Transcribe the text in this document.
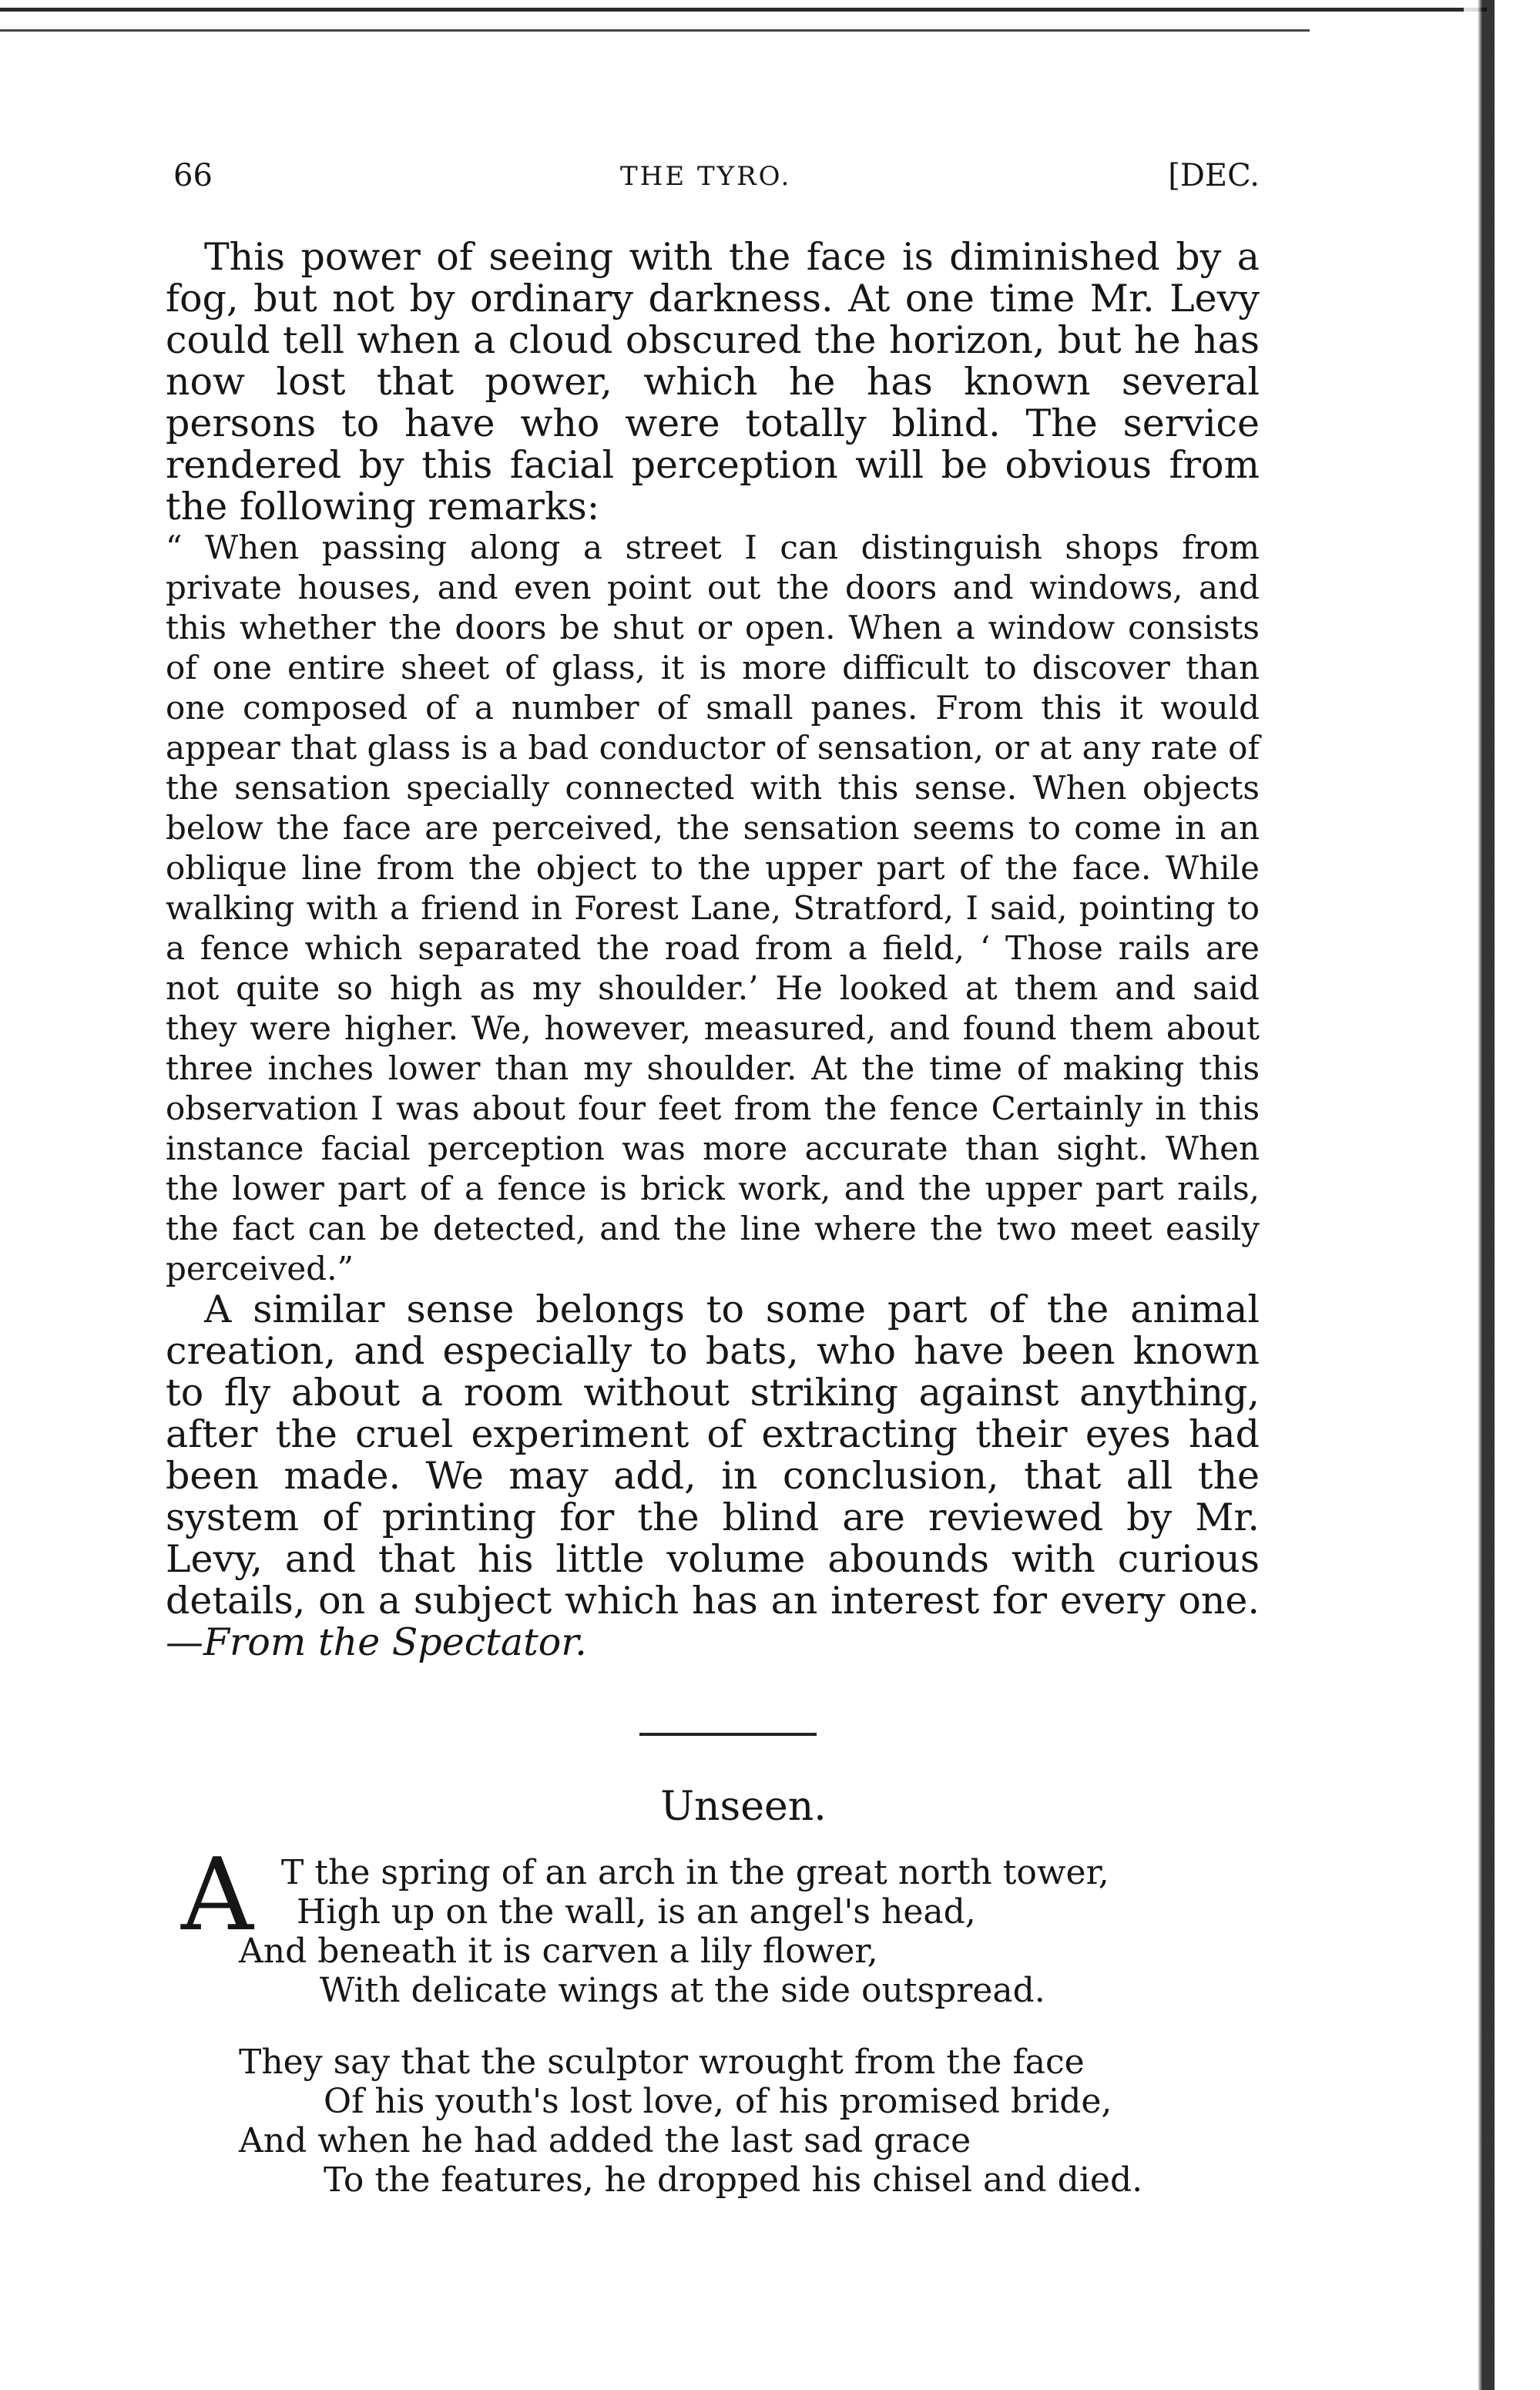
66	THE TYRO.	[DEC.

This power of seeing with the face is diminished by a fog, but not by ordinary darkness. At one time Mr. Levy could tell when a cloud obscured the horizon, but he has now lost that power, which he has known several persons to have who were totally blind. The service rendered by this facial perception will be obvious from the following remarks:

“ When passing along a street I can distinguish shops from private houses, and even point out the doors and windows, and this whether the doors be shut or open. When a window consists of one entire sheet of glass, it is more difficult to discover than one composed of a number of small panes. From this it would appear that glass is a bad conductor of sensation, or at any rate of the sensation specially connected with this sense. When objects below the face are perceived, the sensation seems to come in an oblique line from the object to the upper part of the face. While walking with a friend in Forest Lane, Stratford, I said, pointing to a fence which separated the road from a field, ‘ Those rails are not quite so high as my shoulder.’ He looked at them and said they were higher. We, however, measured, and found them about three inches lower than my shoulder. At the time of making this observation I was about four feet from the fence Certainly in this instance facial perception was more accurate than sight. When the lower part of a fence is brick work, and the upper part rails, the fact can be detected, and the line where the two meet easily perceived.”

A similar sense belongs to some part of the animal creation, and especially to bats, who have been known to fly about a room without striking against anything, after the cruel experiment of extracting their eyes had been made. We may add, in conclusion, that all the system of printing for the blind are reviewed by Mr. Levy, and that his little volume abounds with curious details, on a subject which has an interest for every one.—From the Spectator.

Unseen.
A T the spring of an arch in the great north tower,
High up on the wall, is an angel's head,
And beneath it is carven a lily flower,
With delicate wings at the side outspread.
They say that the sculptor wrought from the face
Of his youth's lost love, of his promised bride,
And when he had added the last sad grace
To the features, he dropped his chisel and died.
